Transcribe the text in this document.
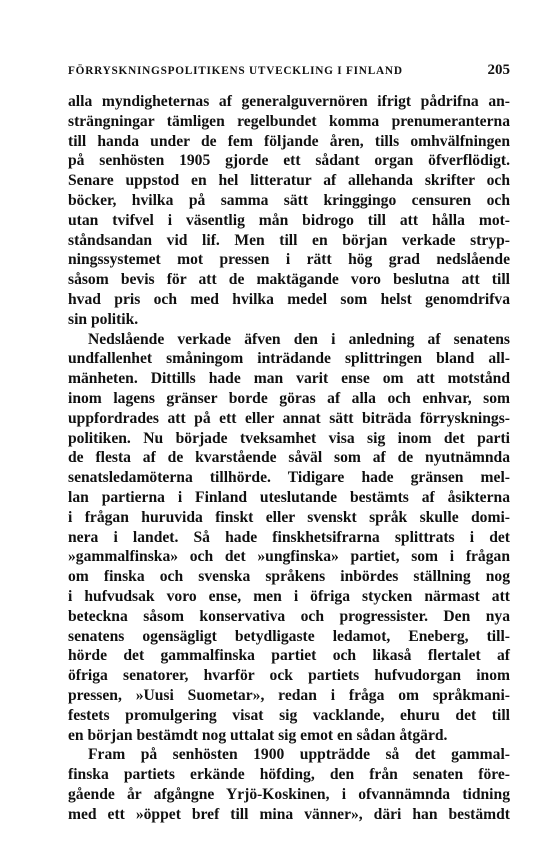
FÖRRYSKNINGSPOLITIKENS UTVECKLING I FINLAND	205
alla myndigheternas af generalguvernören ifrigt pådrifna an-
strängningar tämligen regelbundet komma prenumeranterna
till handa under de fem följande åren, tills omhvälfningen
på senhösten 1905 gjorde ett sådant organ öfverflödigt.
Senare uppstod en hel litteratur af allehanda skrifter och
böcker, hvilka på samma sätt kringgingo censuren och
utan tvifvel i väsentlig mån bidrogo till att hålla mot-
ståndsandan vid lif. Men till en början verkade stryp-
ningssystemet mot pressen i rätt hög grad nedslående
såsom bevis för att de maktägande voro beslutna att till
hvad pris och med hvilka medel som helst genomdrifva
sin politik.
Nedslående verkade äfven den i anledning af senatens
undfallenhet småningom inträdande splittringen bland all-
mänheten. Dittills hade man varit ense om att motstånd
inom lagens gränser borde göras af alla och enhvar, som
uppfordrades att på ett eller annat sätt biträda förrysknings-
politiken. Nu började tveksamhet visa sig inom det parti
de flesta af de kvarstående såväl som af de nyutnämnda
senatsledamöterna tillhörde. Tidigare hade gränsen mel-
lan partierna i Finland uteslutande bestämts af åsikterna
i frågan huruvida finskt eller svenskt språk skulle domi-
nera i landet. Så hade finskhetsifrarna splittrats i det
»gammalfinska» och det »ungfinska» partiet, som i frågan
om finska och svenska språkens inbördes ställning nog
i hufvudsak voro ense, men i öfriga stycken närmast att
beteckna såsom konservativa och progressister. Den nya
senatens ogensägligt betydligaste ledamot, Eneberg, till-
hörde det gammalfinska partiet och likaså flertalet af
öfriga senatorer, hvarför ock partiets hufvudorgan inom
pressen, »Uusi Suometar», redan i fråga om språkmani-
festets promulgering visat sig vacklande, ehuru det till
en början bestämdt nog uttalat sig emot en sådan åtgärd.
Fram på senhösten 1900 uppträdde så det gammal-
finska partiets erkände höfding, den från senaten före-
gående år afgångne Yrjö-Koskinen, i ofvannämnda tidning
med ett »öppet bref till mina vänner», däri han bestämdt
